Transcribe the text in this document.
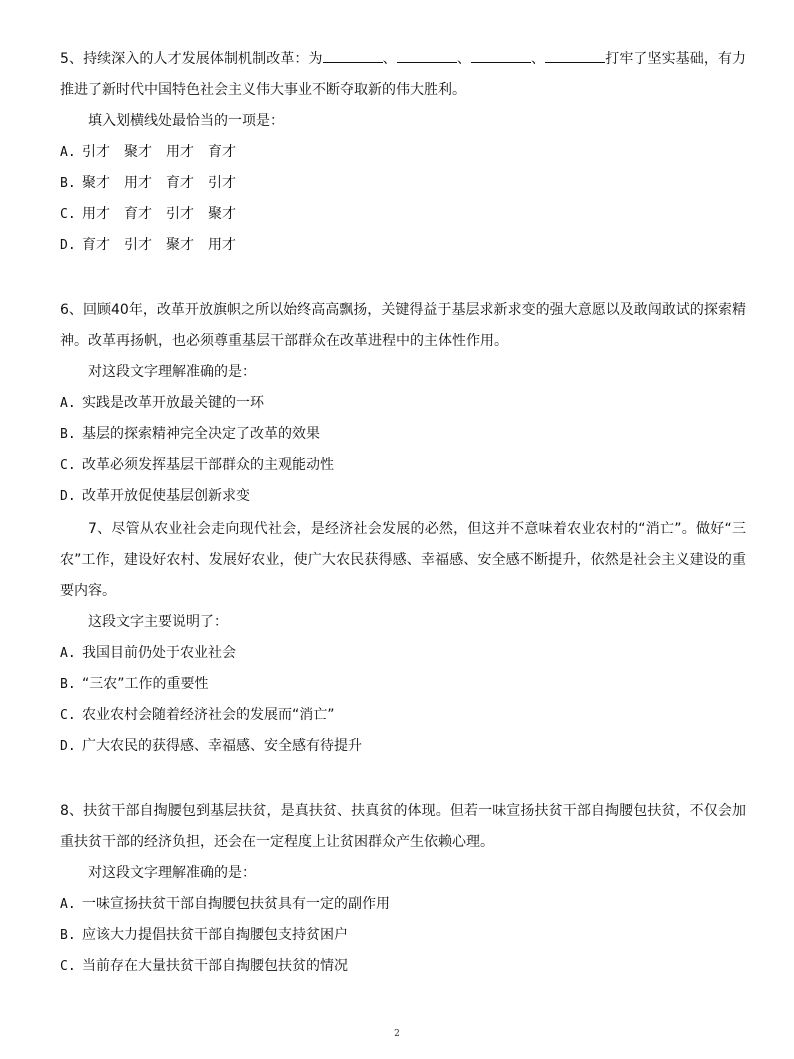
5、持续深入的人才发展体制机制改革：为	、	、	、	打牢了坚实基础，有力推进了新时代中国特色社会主义伟大事业不断夺取新的伟大胜利。

填入划横线处最恰当的一项是：

A. 引才 聚才 用才 育才

B. 聚才 用才 育才 引才

C. 用才 育才 引才 聚才

D. 育才 引才 聚才 用才

6、回顾40年，改革开放旗帜之所以始终高高飘扬，关键得益于基层求新求变的强大意愿以及敢闯敢试的探索精神。改革再扬帆，也必须尊重基层干部群众在改革进程中的主体性作用。

对这段文字理解准确的是：

A. 实践是改革开放最关键的一环

B. 基层的探索精神完全决定了改革的效果

C. 改革必须发挥基层干部群众的主观能动性

D. 改革开放促使基层创新求变

7、尽管从农业社会走向现代社会，是经济社会发展的必然，但这并不意味着农业农村的“消亡”。做好“三农”工作，建设好农村、发展好农业，使广大农民获得感、幸福感、安全感不断提升，依然是社会主义建设的重要内容。

这段文字主要说明了：

A. 我国目前仍处于农业社会

B. “三农”工作的重要性

C. 农业农村会随着经济社会的发展而“消亡”

D. 广大农民的获得感、幸福感、安全感有待提升

8、扶贫干部自掏腰包到基层扶贫，是真扶贫、扶真贫的体现。但若一味宣扬扶贫干部自掏腰包扶贫，不仅会加重扶贫干部的经济负担，还会在一定程度上让贫困群众产生依赖心理。

对这段文字理解准确的是：

A. 一味宣扬扶贫干部自掏腰包扶贫具有一定的副作用

B. 应该大力提倡扶贫干部自掏腰包支持贫困户

C. 当前存在大量扶贫干部自掏腰包扶贫的情况

2
